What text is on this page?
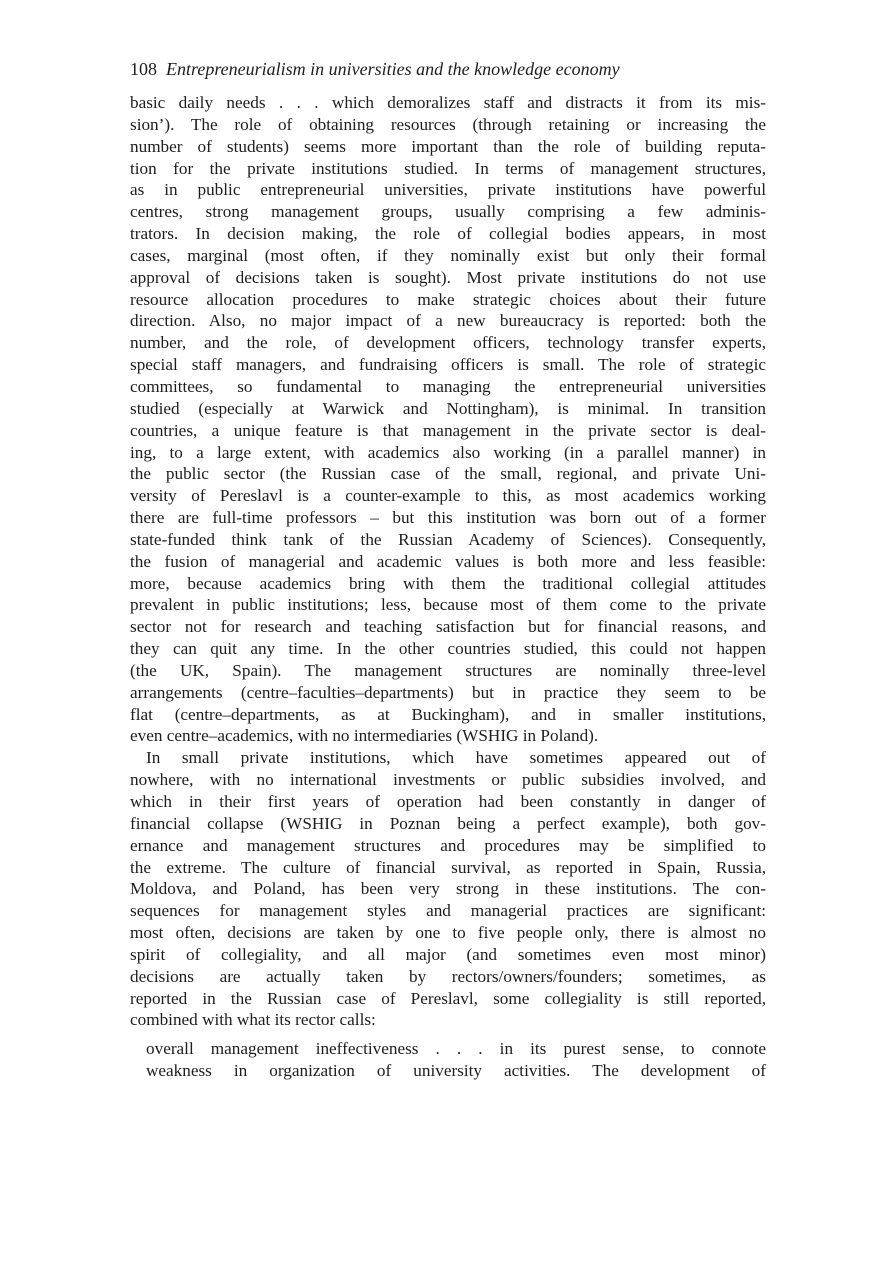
108 Entrepreneurialism in universities and the knowledge economy
basic daily needs . . . which demoralizes staff and distracts it from its mis-
sion’). The role of obtaining resources (through retaining or increasing the
number of students) seems more important than the role of building reputa-
tion for the private institutions studied. In terms of management structures,
as in public entrepreneurial universities, private institutions have powerful
centres, strong management groups, usually comprising a few adminis-
trators. In decision making, the role of collegial bodies appears, in most
cases, marginal (most often, if they nominally exist but only their formal
approval of decisions taken is sought). Most private institutions do not use
resource allocation procedures to make strategic choices about their future
direction. Also, no major impact of a new bureaucracy is reported: both the
number, and the role, of development officers, technology transfer experts,
special staff managers, and fundraising officers is small. The role of strategic
committees, so fundamental to managing the entrepreneurial universities
studied (especially at Warwick and Nottingham), is minimal. In transition
countries, a unique feature is that management in the private sector is deal-
ing, to a large extent, with academics also working (in a parallel manner) in
the public sector (the Russian case of the small, regional, and private Uni-
versity of Pereslavl is a counter-example to this, as most academics working
there are full-time professors – but this institution was born out of a former
state-funded think tank of the Russian Academy of Sciences). Consequently,
the fusion of managerial and academic values is both more and less feasible:
more, because academics bring with them the traditional collegial attitudes
prevalent in public institutions; less, because most of them come to the private
sector not for research and teaching satisfaction but for financial reasons, and
they can quit any time. In the other countries studied, this could not happen
(the UK, Spain). The management structures are nominally three-level
arrangements (centre–faculties–departments) but in practice they seem to be
flat (centre–departments, as at Buckingham), and in smaller institutions,
even centre–academics, with no intermediaries (WSHIG in Poland).
In small private institutions, which have sometimes appeared out of
nowhere, with no international investments or public subsidies involved, and
which in their first years of operation had been constantly in danger of
financial collapse (WSHIG in Poznan being a perfect example), both gov-
ernance and management structures and procedures may be simplified to
the extreme. The culture of financial survival, as reported in Spain, Russia,
Moldova, and Poland, has been very strong in these institutions. The con-
sequences for management styles and managerial practices are significant:
most often, decisions are taken by one to five people only, there is almost no
spirit of collegiality, and all major (and sometimes even most minor)
decisions are actually taken by rectors/owners/founders; sometimes, as
reported in the Russian case of Pereslavl, some collegiality is still reported,
combined with what its rector calls:
overall management ineffectiveness . . . in its purest sense, to connote
weakness in organization of university activities. The development of
